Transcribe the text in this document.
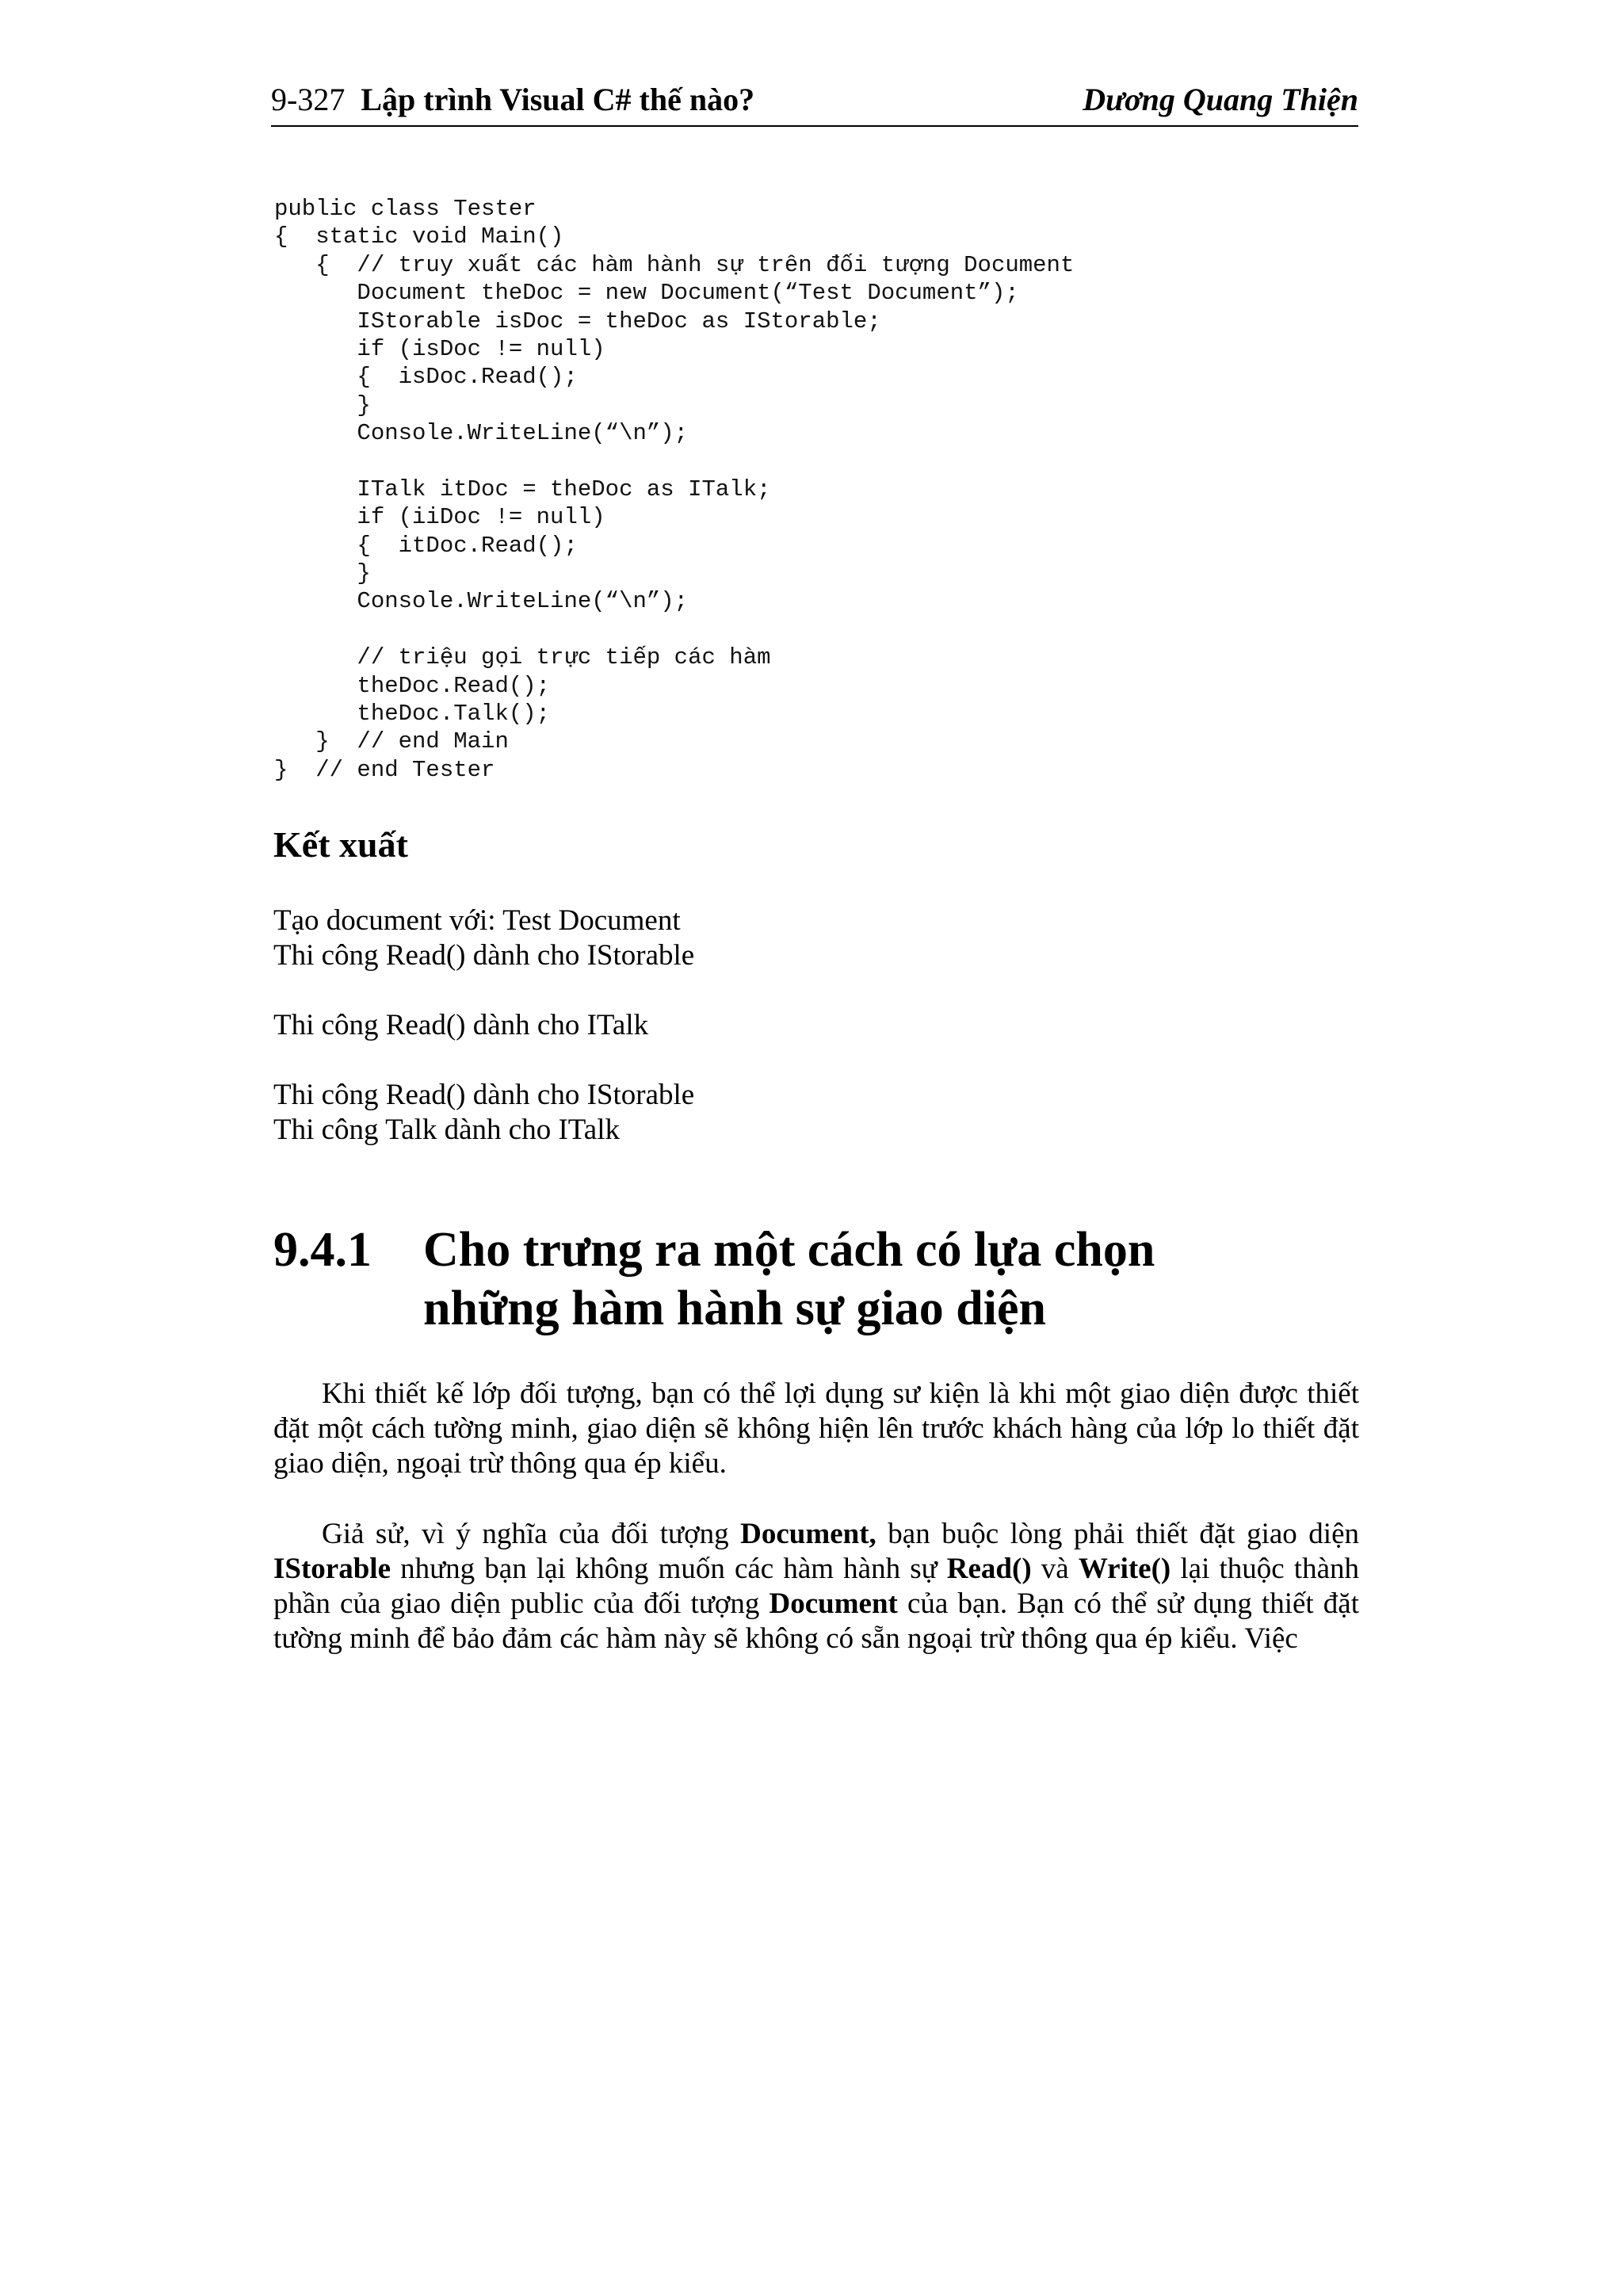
9-327 Lập trình Visual C# thế nào?	Dương Quang Thiện
public class Tester
{  static void Main()
{  // truy xuất các hàm hành sự trên đối tượng Document
Document theDoc = new Document(“Test Document”);
IStorable isDoc = theDoc as IStorable;
if (isDoc != null)
{  isDoc.Read();
}
Console.WriteLine(“\n”);
ITalk itDoc = theDoc as ITalk;
if (iiDoc != null)
{  itDoc.Read();
}
Console.WriteLine(“\n”);
// triệu gọi trực tiếp các hàm
theDoc.Read();
theDoc.Talk();
}  // end Main
}  // end Tester
Kết xuất
Tạo document với: Test Document
Thi công Read() dành cho IStorable
Thi công Read() dành cho ITalk
Thi công Read() dành cho IStorable
Thi công Talk dành cho ITalk
9.4.1 Cho trưng ra một cách có lựa chọn
những hàm hành sự giao diện

Khi thiết kế lớp đối tượng, bạn có thể lợi dụng sư kiện là khi một giao diện được thiết đặt một cách tường minh, giao diện sẽ không hiện lên trước khách hàng của lớp lo thiết đặt giao diện, ngoại trừ thông qua ép kiểu.

Giả sử, vì ý nghĩa của đối tượng Document, bạn buộc lòng phải thiết đặt giao diện IStorable nhưng bạn lại không muốn các hàm hành sự Read() và Write() lại thuộc thành phần của giao diện public của đối tượng Document của bạn. Bạn có thể sử dụng thiết đặt tường minh để bảo đảm các hàm này sẽ không có sẵn ngoại trừ thông qua ép kiểu. Việc
